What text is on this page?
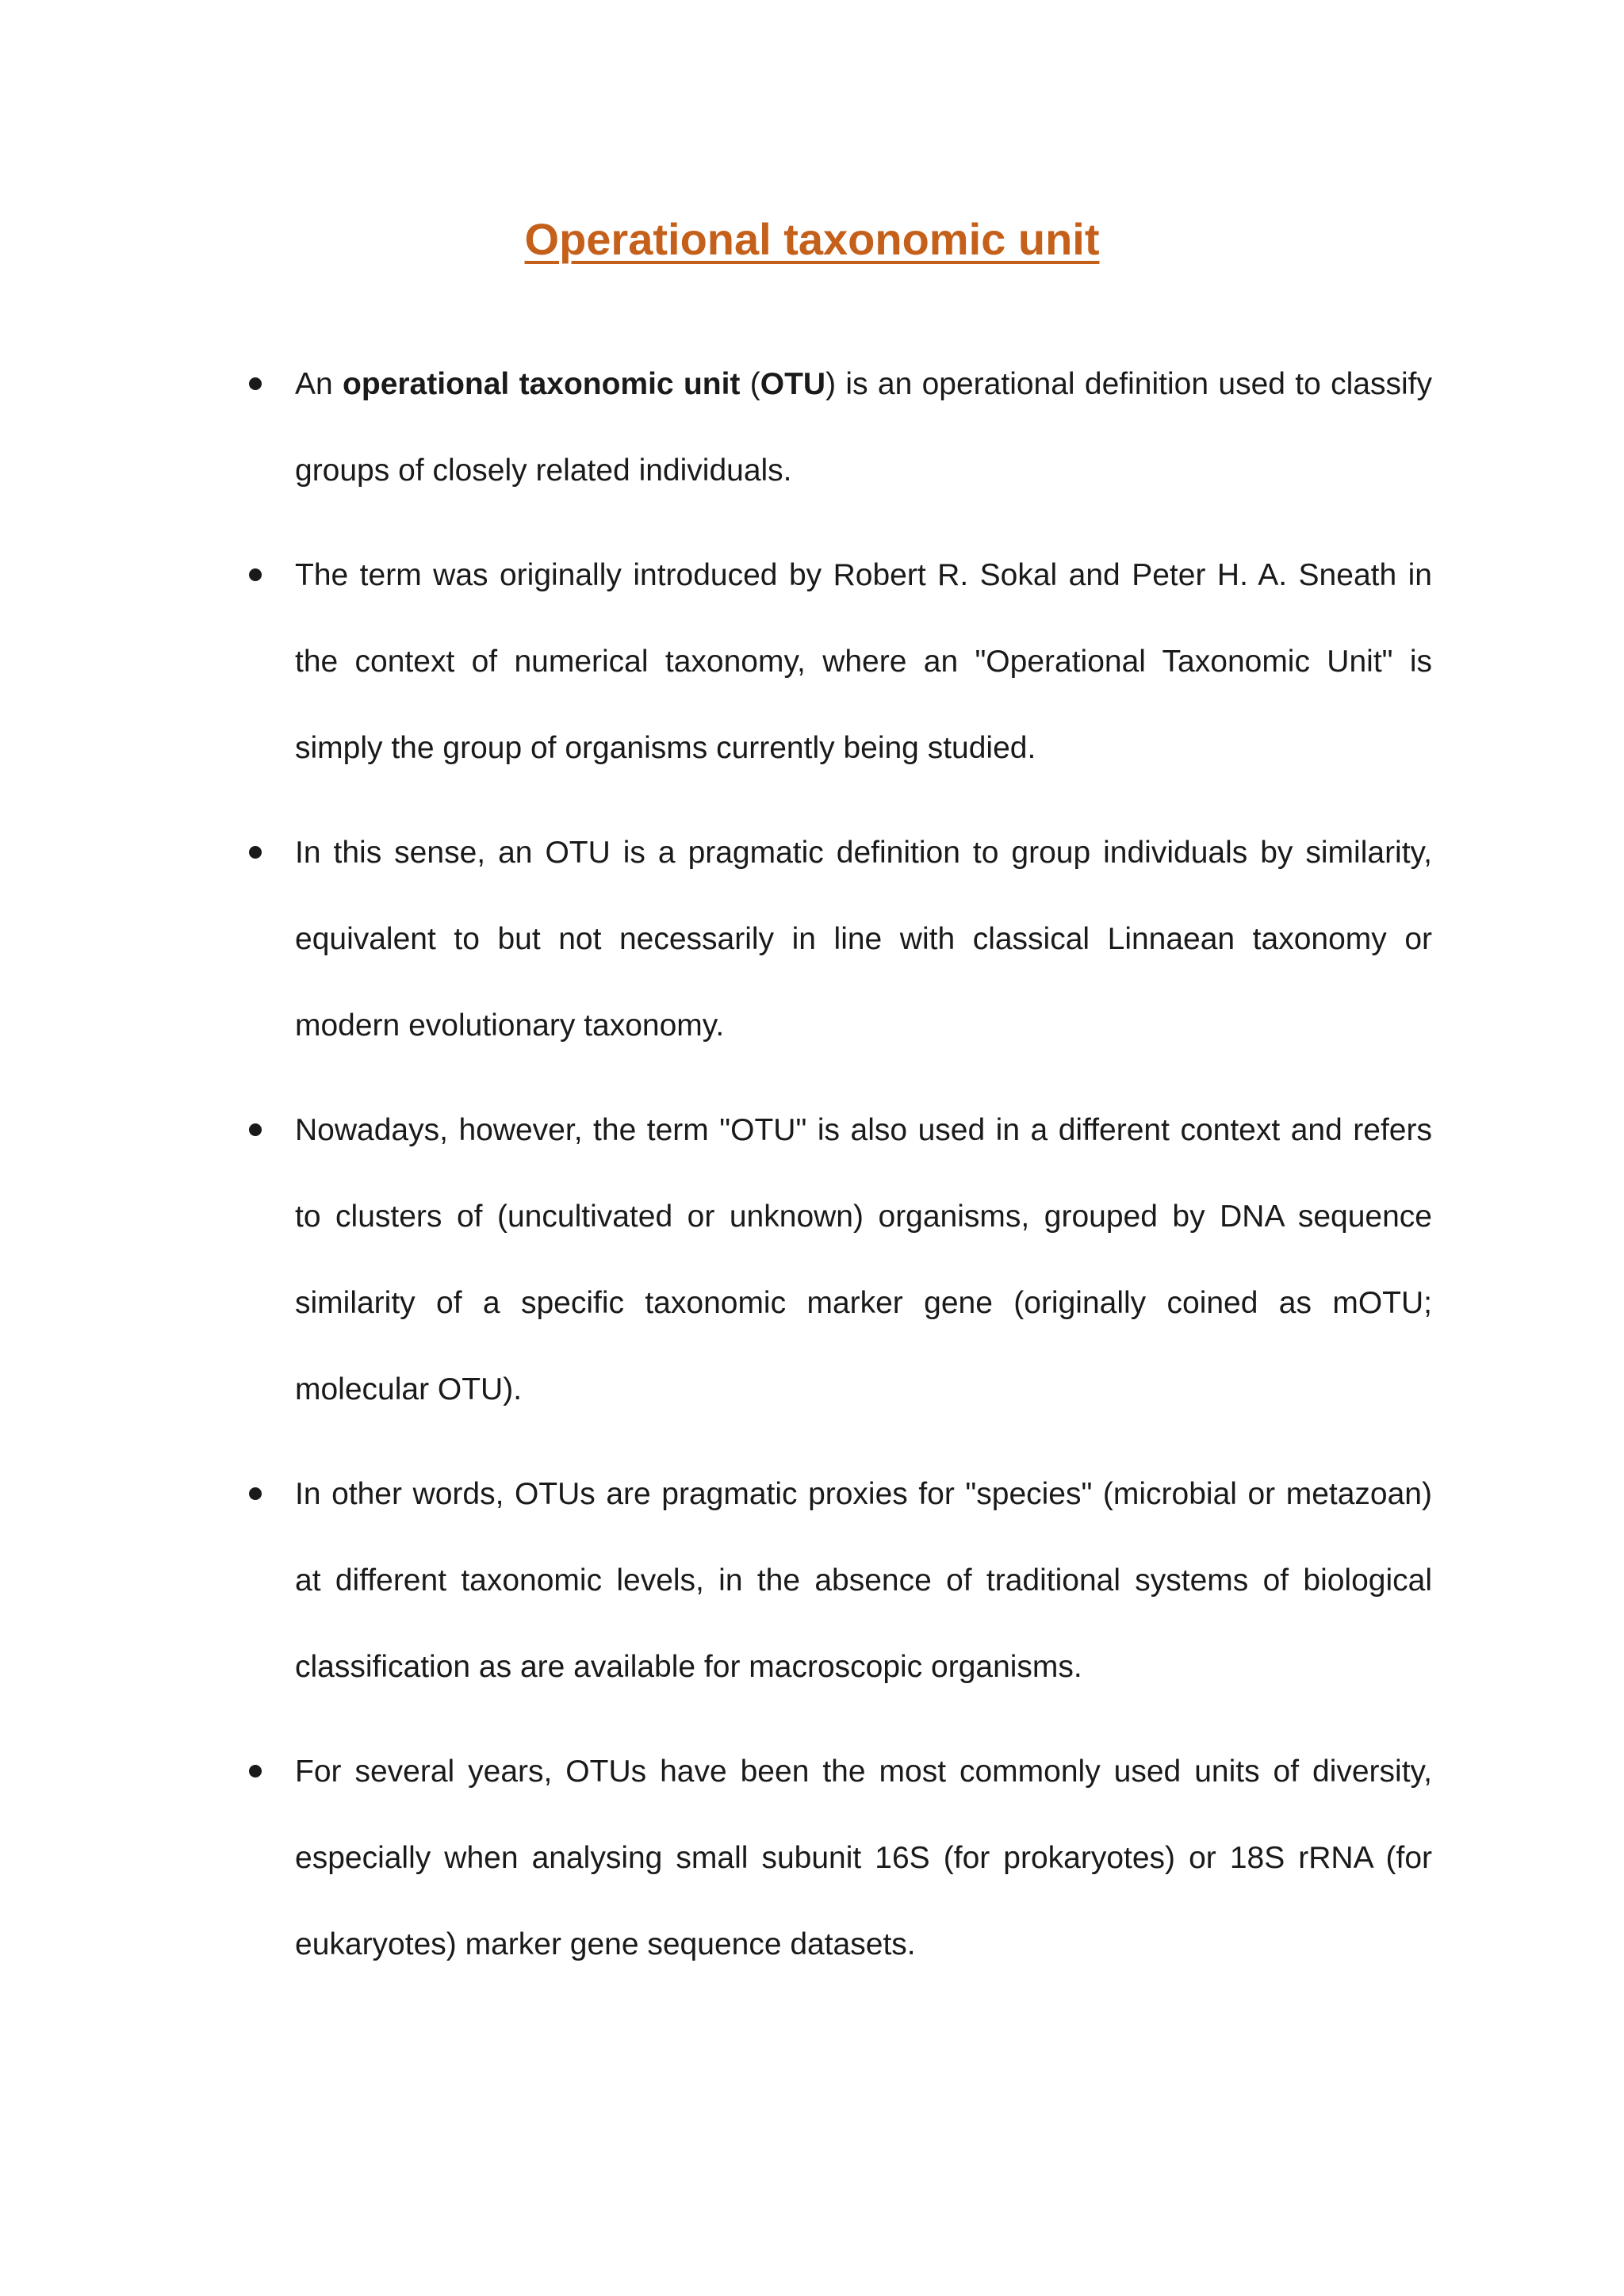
Operational taxonomic unit
An operational taxonomic unit (OTU) is an operational definition used to classify groups of closely related individuals.
The term was originally introduced by Robert R. Sokal and Peter H. A. Sneath in the context of numerical taxonomy, where an "Operational Taxonomic Unit" is simply the group of organisms currently being studied.
In this sense, an OTU is a pragmatic definition to group individuals by similarity, equivalent to but not necessarily in line with classical Linnaean taxonomy or modern evolutionary taxonomy.
Nowadays, however, the term "OTU" is also used in a different context and refers to clusters of (uncultivated or unknown) organisms, grouped by DNA sequence similarity of a specific taxonomic marker gene (originally coined as mOTU; molecular OTU).
In other words, OTUs are pragmatic proxies for "species" (microbial or metazoan) at different taxonomic levels, in the absence of traditional systems of biological classification as are available for macroscopic organisms.
For several years, OTUs have been the most commonly used units of diversity, especially when analysing small subunit 16S (for prokaryotes) or 18S rRNA (for eukaryotes) marker gene sequence datasets.
